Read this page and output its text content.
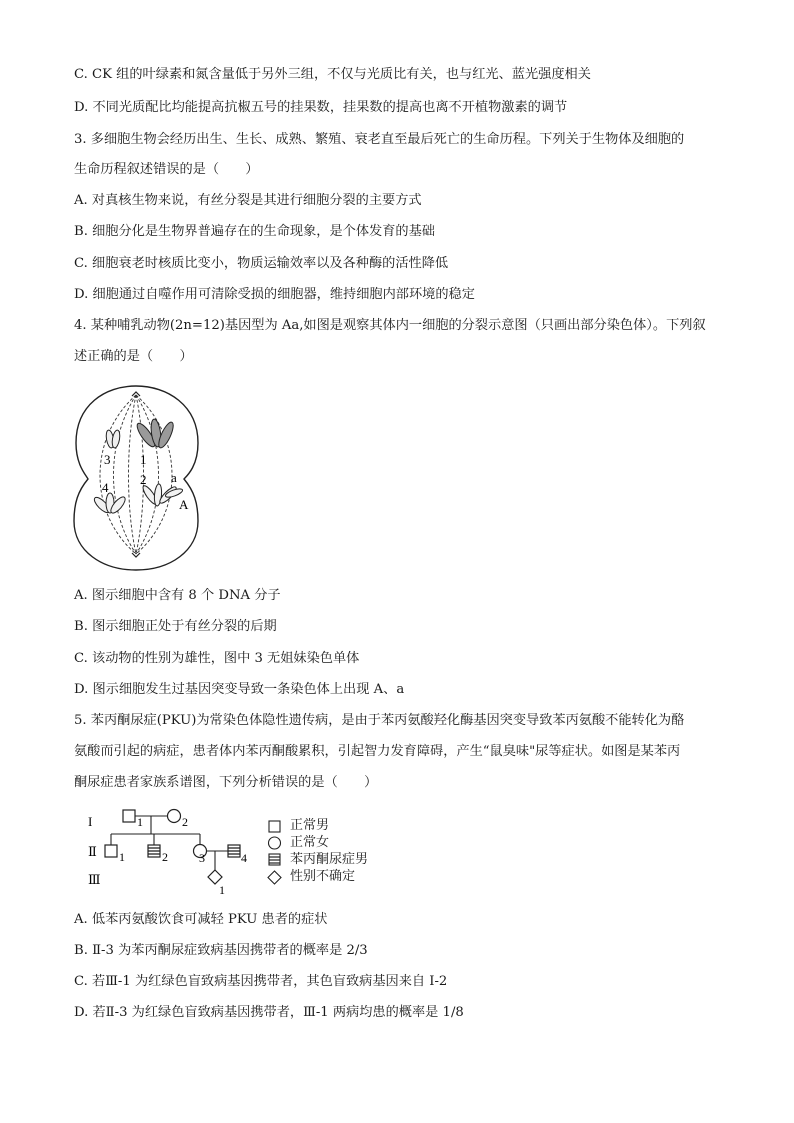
C. CK 组的叶绿素和氮含量低于另外三组，不仅与光质比有关，也与红光、蓝光强度相关
D. 不同光质配比均能提高抗椒五号的挂果数，挂果数的提高也离不开植物激素的调节
3. 多细胞生物会经历出生、生长、成熟、繁殖、衰老直至最后死亡的生命历程。下列关于生物体及细胞的
生命历程叙述错误的是（　　）
A. 对真核生物来说，有丝分裂是其进行细胞分裂的主要方式
B. 细胞分化是生物界普遍存在的生命现象，是个体发育的基础
C. 细胞衰老时核质比变小，物质运输效率以及各种酶的活性降低
D. 细胞通过自噬作用可清除受损的细胞器，维持细胞内部环境的稳定
4. 某种哺乳动物(2n=12)基因型为 Aa,如图是观察其体内一细胞的分裂示意图（只画出部分染色体）。下列叙
述正确的是（　　）
3
4
1
2 a
A
A. 图示细胞中含有 8 个 DNA 分子
B. 图示细胞正处于有丝分裂的后期
C. 该动物的性别为雄性，图中 3 无姐妹染色单体
D. 图示细胞发生过基因突变导致一条染色体上出现 A、a
5. 苯丙酮尿症(PKU)为常染色体隐性遗传病，是由于苯丙氨酸羟化酶基因突变导致苯丙氨酸不能转化为酪
氨酸而引起的病症，患者体内苯丙酮酸累积，引起智力发育障碍，产生“鼠臭味"尿等症状。如图是某苯丙
酮尿症患者家族系谱图，下列分析错误的是（　　）
I
Ⅱ
Ⅲ
1	2
1	2	3	4
1
正常男
正常女
苯丙酮尿症男
性别不确定
A. 低苯丙氨酸饮食可减轻 PKU 患者的症状
B. Ⅱ-3 为苯丙酮尿症致病基因携带者的概率是 2/3
C. 若Ⅲ-1 为红绿色盲致病基因携带者，其色盲致病基因来自 I-2
D. 若Ⅱ-3 为红绿色盲致病基因携带者，Ⅲ-1 两病均患的概率是 1/8
